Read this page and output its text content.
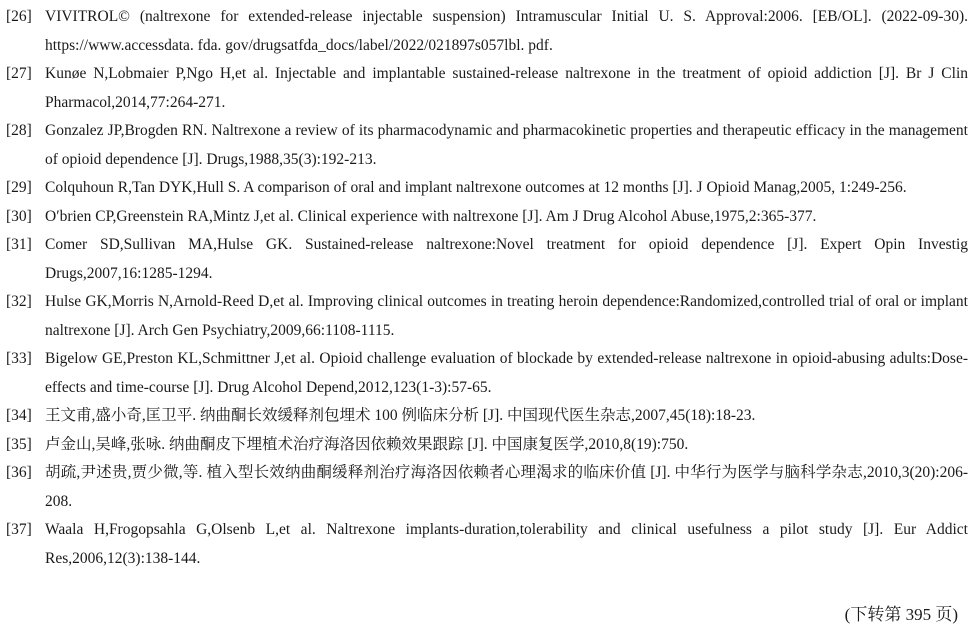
[26] VIVITROL© (naltrexone for extended-release injectable suspension) Intramuscular Initial U. S. Approval:2006. [EB/OL]. (2022-09-30). https://www.accessdata. fda. gov/drugsatfda_docs/label/2022/021897s057lbl. pdf.
[27] Kunøe N,Lobmaier P,Ngo H,et al. Injectable and implantable sustained-release naltrexone in the treatment of opioid addiction [J]. Br J Clin Pharmacol,2014,77:264-271.
[28] Gonzalez JP,Brogden RN. Naltrexone a review of its pharmacodynamic and pharmacokinetic properties and therapeutic efficacy in the management of opioid dependence [J]. Drugs,1988,35(3):192-213.
[29] Colquhoun R,Tan DYK,Hull S. A comparison of oral and implant naltrexone outcomes at 12 months [J]. J Opioid Manag,2005, 1:249-256.
[30] O′brien CP,Greenstein RA,Mintz J,et al. Clinical experience with naltrexone [J]. Am J Drug Alcohol Abuse,1975,2:365-377.
[31] Comer SD,Sullivan MA,Hulse GK. Sustained-release naltrexone:Novel treatment for opioid dependence [J]. Expert Opin Investig Drugs,2007,16:1285-1294.
[32] Hulse GK,Morris N,Arnold-Reed D,et al. Improving clinical outcomes in treating heroin dependence:Randomized,controlled trial of oral or implant naltrexone [J]. Arch Gen Psychiatry,2009,66:1108-1115.
[33] Bigelow GE,Preston KL,Schmittner J,et al. Opioid challenge evaluation of blockade by extended-release naltrexone in opioid-abusing adults:Dose-effects and time-course [J]. Drug Alcohol Depend,2012,123(1-3):57-65.
[34] 王文甫,盛小奇,匡卫平. 纳曲酮长效缓释剂包埋术 100 例临床分析 [J]. 中国现代医生杂志,2007,45(18):18-23.
[35] 卢金山,吴峰,张咏. 纳曲酮皮下埋植术治疗海洛因依赖效果跟踪 [J]. 中国康复医学,2010,8(19):750.
[36] 胡疏,尹述贵,贾少微,等. 植入型长效纳曲酮缓释剂治疗海洛因依赖者心理渴求的临床价值 [J]. 中华行为医学与脑科学杂志,2010,3(20):206-208.
[37] Waala H,Frogopsahla G,Olsenb L,et al. Naltrexone implants-duration,tolerability and clinical usefulness a pilot study [J]. Eur Addict Res,2006,12(3):138-144.
(下转第 395 页)
